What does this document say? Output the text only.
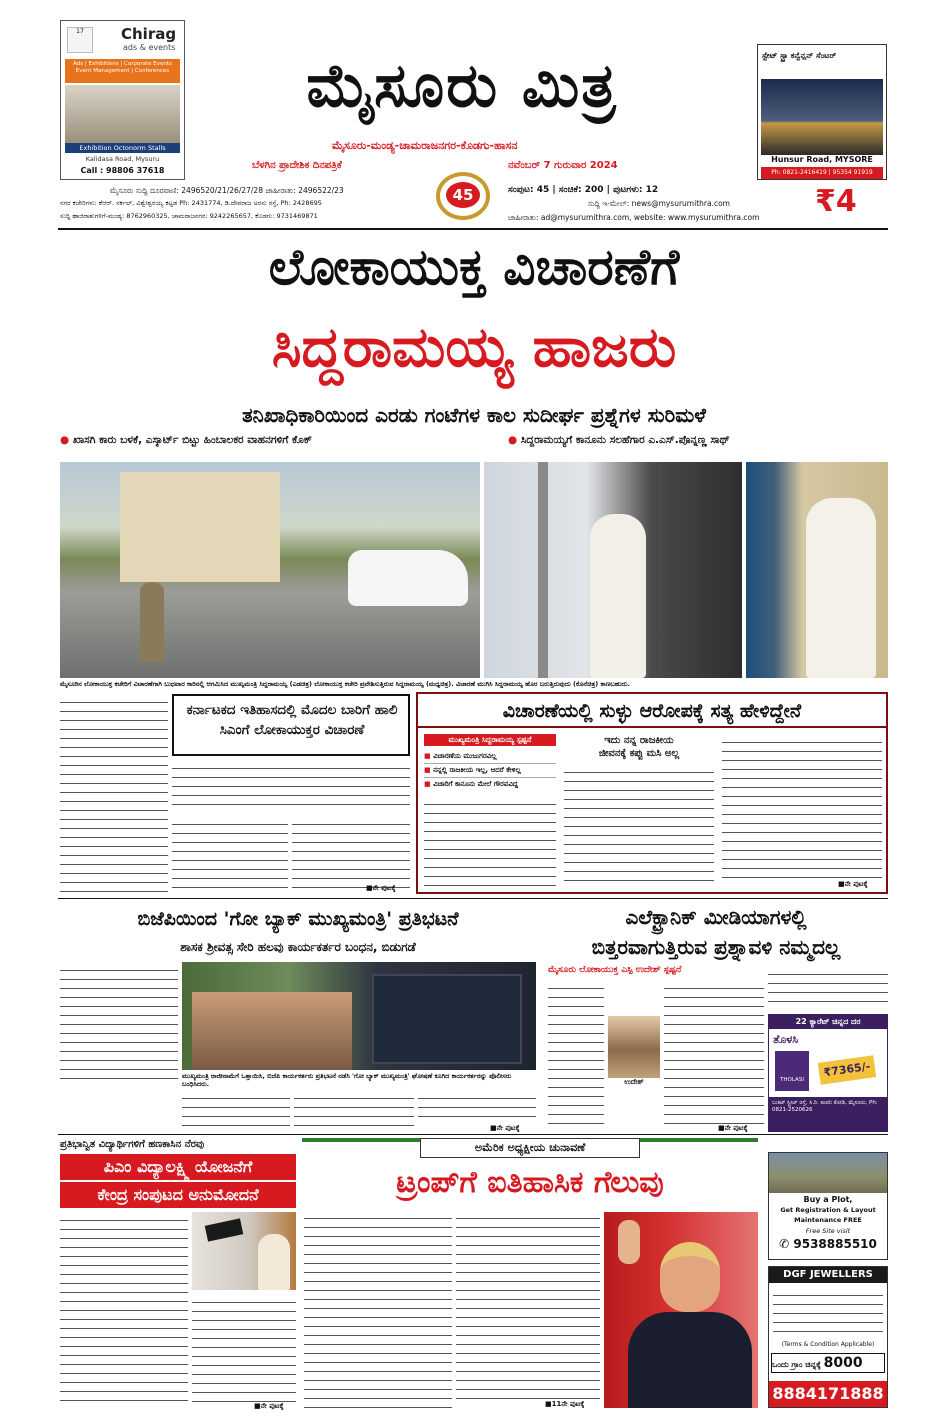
17	Chirag
ads & events
Ads | Exhibitions | Corporate Events
Event Management | Conferences
Exhibition Octonorm Stalls
Kalidasa Road, Mysuru
Call : 98806 37618
ಮೈಸೂರು ಮಿತ್ರ
ಮೈಸೂರು-ಮಂಡ್ಯ-ಚಾಮರಾಜನಗರ-ಕೊಡಗು-ಹಾಸನ
ಬೆಳಗಿನ ಪ್ರಾದೇಶಿಕ ದಿನಪತ್ರಿಕೆ	ನವೆಂಬರ್ 7 ಗುರುವಾರ 2024
45	ಸಂಪುಟ: 45 | ಸಂಚಿಕೆ: 200 | ಪುಟಗಳು: 12
ಸುದ್ದಿ ಇ-ಮೇಲ್: news@mysurumithra.com
ಜಾಹೀರಾತು: ad@mysurumithra.com, website: www.mysurumithra.com ₹4
ಮೈಸೂರು ಸುದ್ದಿ ದೂರವಾಣಿ: 2496520/21/26/27/28 ಜಾಹೀರಾತು: 2496522/23
ನಗರ ಕಚೇರಿಗಳು: ಕೆಆರ್. ಸರ್ಕಲ್, ವಿಶ್ವೇಶ್ವರಯ್ಯ ಕಟ್ಟಡ Ph: 2431774, ಡಿ.ದೇವರಾಜ ಅರಸು ರಸ್ತೆ, Ph: 2428695
ಸುದ್ದಿ ಹಾಜಿರಾತುಗಳಿಗೆ-ಮಂಡ್ಯ: 8762960325, ಚಾಮರಾಜನಗರ: 9242265657, ಕೊಡಗು: 9731469871
ಸ್ಟೇಟ್ ಸ್ಟ್ರಾ ಕನ್ವೆನ್ಷನ್ ಸೆಂಟರ್
Hunsur Road, MYSORE
Ph: 0821-2416419 | 95354 91919
ಲೋಕಾಯುಕ್ತ ವಿಚಾರಣೆಗೆ
ಸಿದ್ದರಾಮಯ್ಯ ಹಾಜರು
ತನಿಖಾಧಿಕಾರಿಯಿಂದ ಎರಡು ಗಂಟೆಗಳ ಕಾಲ ಸುದೀರ್ಘ ಪ್ರಶ್ನೆಗಳ ಸುರಿಮಳೆ
● ಖಾಸಗಿ ಕಾರು ಬಳಕೆ, ಎಸ್ಕಾರ್ಟ್ ಬಿಟ್ಟು ಹಿಂಬಾಲಕರ ವಾಹನಗಳಿಗೆ ಕೊಕ್	● ಸಿದ್ದರಾಮಯ್ಯಗೆ ಕಾನೂನು ಸಲಹೆಗಾರ ಎ.ಎಸ್.ಪೊನ್ನಣ್ಣ ಸಾಥ್
ಮೈಸೂರಿನ ಲೋಕಾಯುಕ್ತ ಕಚೇರಿಗೆ ವಿಚಾರಣೆಗಾಗಿ ಬುಧವಾರ ಕಾರಿನಲ್ಲಿ ಆಗಮಿಸಿದ ಮುಖ್ಯಮಂತ್ರಿ ಸಿದ್ದರಾಮಯ್ಯ (ಎಡಚಿತ್ರ) ಲೋಕಾಯುಕ್ತ ಕಚೇರಿ ಪ್ರವೇಶಿಸುತ್ತಿರುವ ಸಿದ್ದರಾಮಯ್ಯ (ಮಧ್ಯಚಿತ್ರ). ವಿಚಾರಣೆ ಮುಗಿಸಿ ಸಿದ್ದರಾಮಯ್ಯ ಹೊರ ಬರುತ್ತಿರುವುದು (ಕೊನೆಚಿತ್ರ) ಕಾಣಬಹುದು.
ಕರ್ನಾಟಕದ ಇತಿಹಾಸದಲ್ಲಿ ಮೊದಲ ಬಾರಿಗೆ ಹಾಲಿ ಸಿಎಂಗೆ ಲೋಕಾಯುಕ್ತರ ವಿಚಾರಣೆ
■ನೇ ಪುಟಕ್ಕೆ
ವಿಚಾರಣೆಯಲ್ಲಿ ಸುಳ್ಳು ಆರೋಪಕ್ಕೆ ಸತ್ಯ ಹೇಳಿದ್ದೇನೆ
ಮುಖ್ಯಮಂತ್ರಿ ಸಿದ್ದರಾಮಯ್ಯ ಸ್ಪಷ್ಟನೆ
■ ವಿಚಾರಣೆಯ ಮುಜುಗರವಿಲ್ಲ
■ ನನ್ನಲ್ಲಿ ರಾಜಕೀಯ ಇಲ್ಲ, ಆದರೆ ಕೇಳಿಲ್ಲ
■ ವಿಚಾರಿಗೆ ಕಾನೂನು ಮೇಲೆ ಗೌರವವಿದ್ದ
ಇದು ನನ್ನ ರಾಜಕೀಯ
ಜೀವನಕ್ಕೆ ಕಪ್ಪು ಮಸಿ ಅಲ್ಲ
■ನೇ ಪುಟಕ್ಕೆ
ಬಿಜೆಪಿಯಿಂದ 'ಗೋ ಬ್ಯಾಕ್ ಮುಖ್ಯಮಂತ್ರಿ' ಪ್ರತಿಭಟನೆ
ಶಾಸಕ ಶ್ರೀವತ್ಸ ಸೇರಿ ಹಲವು ಕಾರ್ಯಕರ್ತರ ಬಂಧನ, ಬಿಡುಗಡೆ
ಮುಖ್ಯಮಂತ್ರಿ ರಾಜೀನಾಮೆಗೆ ಒತ್ತಾಯಿಸಿ, ಬಿಜೆಪಿ ಕಾರ್ಯಕರ್ತರು ಪ್ರತಿಭಟನೆ ನಡೆಸಿ 'ಗೋ ಬ್ಯಾಕ್ ಮುಖ್ಯಮಂತ್ರಿ' ಘೋಷಣೆ ಕೂಗಿದ ಕಾರ್ಯಕರ್ತರನ್ನು ಪೊಲೀಸರು ಬಂಧಿಸಿದರು.
■ನೇ ಪುಟಕ್ಕೆ
ಎಲೆಕ್ಟ್ರಾನಿಕ್ ಮೀಡಿಯಾಗಳಲ್ಲಿ
ಬಿತ್ತರವಾಗುತ್ತಿರುವ ಪ್ರಶ್ನಾವಳಿ ನಮ್ಮದಲ್ಲ
ಮೈಸೂರು ಲೋಕಾಯುಕ್ತ ಎಸ್ಪಿ ಉದೇಶ್ ಸ್ಪಷ್ಟನೆ
ಉದೇಶ್
■ನೇ ಪುಟಕ್ಕೆ
22 ಕ್ಯಾರೆಟ್ ಚಿನ್ನದ ದರ
ತೊಳಸಿ
THOLASI
₹7365/-
ಬುಕಿಟ್ ಸ್ಟ್ರೀಟ್ ರಸ್ತೆ, ಸಿ.ರಿ. ಕಂಪನಿ ಕೋಡಿ, ಮೈಸೂರು, Ph: 0821-2520626
ಪ್ರತಿಭಾನ್ವಿತ ವಿದ್ಯಾರ್ಥಿಗಳಿಗೆ ಹಣಕಾಸಿನ ನೆರವು
ಪಿಎಂ ವಿದ್ಯಾಲಕ್ಷ್ಮಿ ಯೋಜನೆಗೆ
ಕೇಂದ್ರ ಸಂಪುಟದ ಅನುಮೋದನೆ
■ನೇ ಪುಟಕ್ಕೆ
ಅಮೆರಿಕ ಅಧ್ಯಕ್ಷೀಯ ಚುನಾವಣೆ
ಟ್ರಂಪ್‌ಗೆ ಐತಿಹಾಸಿಕ ಗೆಲುವು
■11ನೇ ಪುಟಕ್ಕೆ
Buy a Plot,
Get Registration & Layout
Maintenance FREE
Free Site visit
✆ 9538885510
DGF JEWELLERS
(Terms & Condition Applicable)
ಒಂದು ಗ್ರಾಂ ಚಿನ್ನಕ್ಕೆ 8000
8884171888
